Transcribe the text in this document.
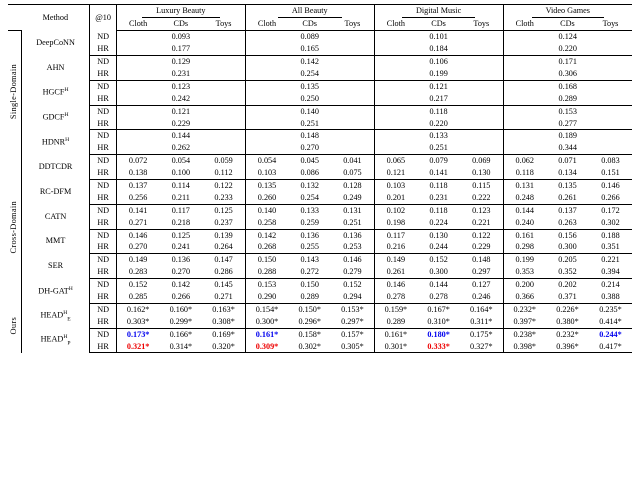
	Method	@10	Luxury Beauty			All Beauty			Digital Music			Video Games		
			Cloth	CDs	Toys	Cloth	CDs	Toys	Cloth	CDs	Toys	Cloth	CDs	Toys
Single-Domain	DeepCoNN	ND	0.093			0.089			0.101			0.124		
		HR	0.177			0.165			0.184			0.220		
	AHN	ND	0.129			0.142			0.106			0.171		
		HR	0.231			0.254			0.199			0.306		
	$HGCF^H$	ND	0.123			0.135			0.121			0.168		
		HR	0.242			0.250			0.217			0.289		
	$GDCF^H$	ND	0.121			0.140			0.118			0.153		
		HR	0.229			0.251			0.220			0.277		
	$HDNR^H$	ND	0.144			0.148			0.133			0.189		
		HR	0.262			0.270			0.251			0.344		
Cross-Domain	DDTCDR	ND	0.072	0.054	0.059	0.054	0.045	0.041	0.065	0.079	0.069	0.062	0.071	0.083
		HR	0.138	0.100	0.112	0.103	0.086	0.075	0.121	0.141	0.130	0.118	0.134	0.151
	RC-DFM	ND	0.137	0.114	0.122	0.135	0.132	0.128	0.103	0.118	0.115	0.131	0.135	0.146
		HR	0.256	0.211	0.233	0.260	0.254	0.249	0.201	0.231	0.222	0.248	0.261	0.266
	CATN	ND	0.141	0.117	0.125	0.140	0.133	0.131	0.102	0.118	0.123	0.144	0.137	0.172
		HR	0.271	0.218	0.237	0.258	0.259	0.251	0.198	0.224	0.221	0.240	0.263	0.302
	MMT	ND	0.146	0.125	0.139	0.142	0.136	0.136	0.117	0.130	0.122	0.161	0.156	0.188
		HR	0.270	0.241	0.264	0.268	0.255	0.253	0.216	0.244	0.229	0.298	0.300	0.351
	SER	ND	0.149	0.136	0.147	0.150	0.143	0.146	0.149	0.152	0.148	0.199	0.205	0.221
		HR	0.283	0.270	0.286	0.288	0.272	0.279	0.261	0.300	0.297	0.353	0.352	0.394
	$DH-GAT^H$	ND	0.152	0.142	0.145	0.153	0.150	0.152	0.146	0.144	0.127	0.200	0.202	0.214
		HR	0.285	0.266	0.271	0.290	0.289	0.294	0.278	0.278	0.246	0.366	0.371	0.388
Ours	$HEAD^H_E$	ND	0.162*	0.160*	0.163*	0.154*	0.150*	0.153*	0.159*	0.167*	0.164*	0.232*	0.226*	0.235*
		HR	0.303*	0.299*	0.308*	0.300*	0.296*	0.297*	0.289	0.310*	0.311*	0.397*	0.380*	0.414*
	$HEAD^H_P$	ND	0.173*	0.166*	0.169*	0.161*	0.158*	0.157*	0.161*	0.180*	0.175*	0.238*	0.232*	0.244*
		HR	0.321*	0.314*	0.320*	0.309*	0.302*	0.305*	0.301*	0.333*	0.327*	0.398*	0.396*	0.417*
